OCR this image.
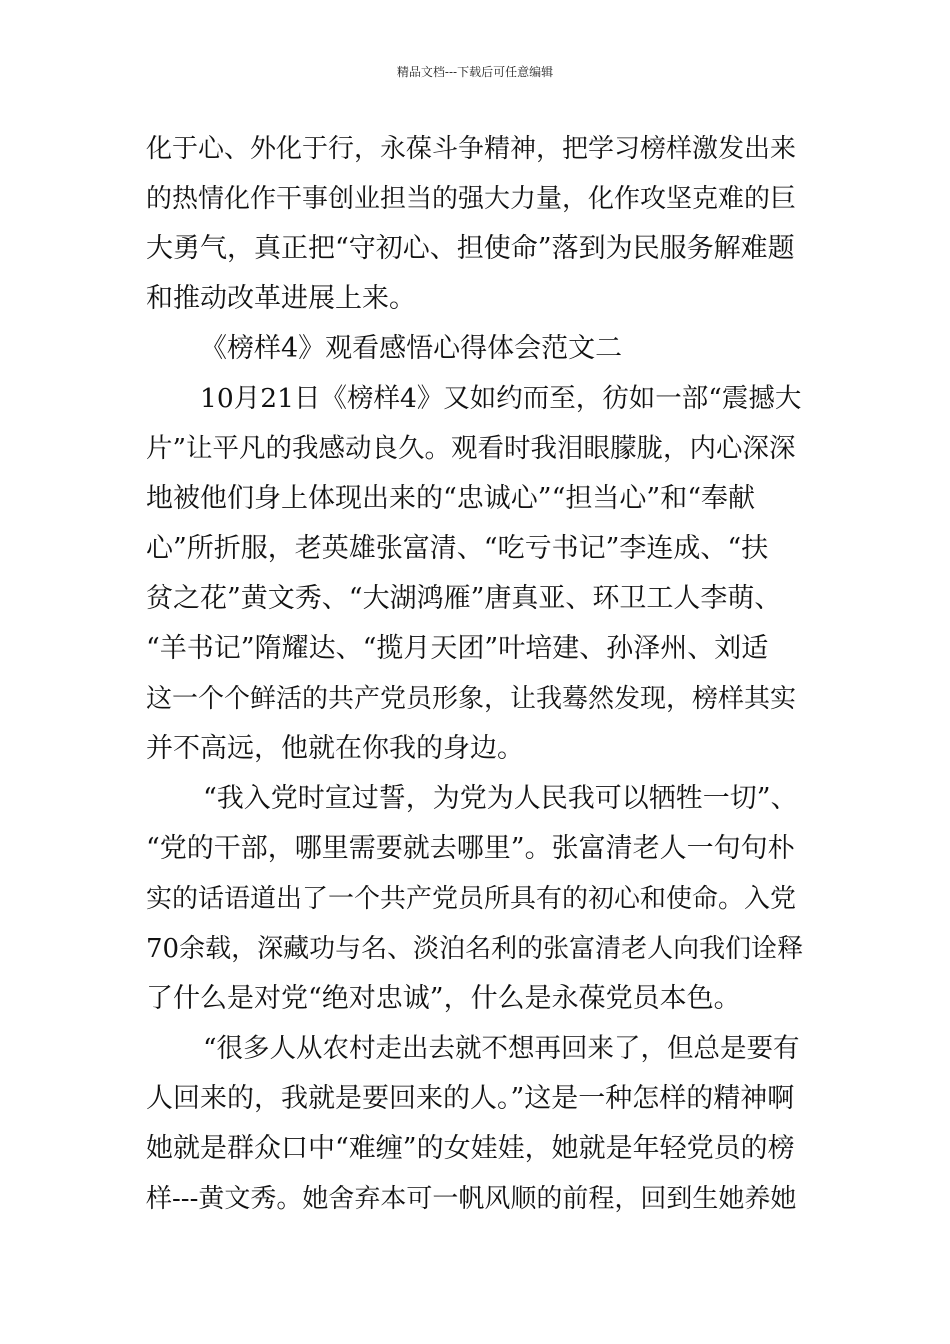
精品文档---下载后可任意编辑
化于心、外化于行，永葆斗争精神，把学习榜样激发出来
的热情化作干事创业担当的强大力量，化作攻坚克难的巨
大勇气，真正把“守初心、担使命”落到为民服务解难题
和推动改革进展上来。
《榜样4》观看感悟心得体会范文二
10月21日《榜样4》又如约而至，彷如一部“震撼大
片”让平凡的我感动良久。观看时我泪眼朦胧，内心深深
地被他们身上体现出来的“忠诚心”“担当心”和“奉献
心”所折服，老英雄张富清、“吃亏书记”李连成、“扶
贫之花”黄文秀、“大湖鸿雁”唐真亚、环卫工人李萌、
“羊书记”隋耀达、“揽月天团”叶培建、孙泽州、刘适
这一个个鲜活的共产党员形象，让我蓦然发现，榜样其实
并不高远，他就在你我的身边。
“我入党时宣过誓，为党为人民我可以牺牲一切”、
“党的干部，哪里需要就去哪里”。张富清老人一句句朴
实的话语道出了一个共产党员所具有的初心和使命。入党
70余载，深藏功与名、淡泊名利的张富清老人向我们诠释
了什么是对党“绝对忠诚”，什么是永葆党员本色。
“很多人从农村走出去就不想再回来了，但总是要有
人回来的，我就是要回来的人。”这是一种怎样的精神啊
她就是群众口中“难缠”的女娃娃，她就是年轻党员的榜
样---黄文秀。她舍弃本可一帆风顺的前程，回到生她养她
